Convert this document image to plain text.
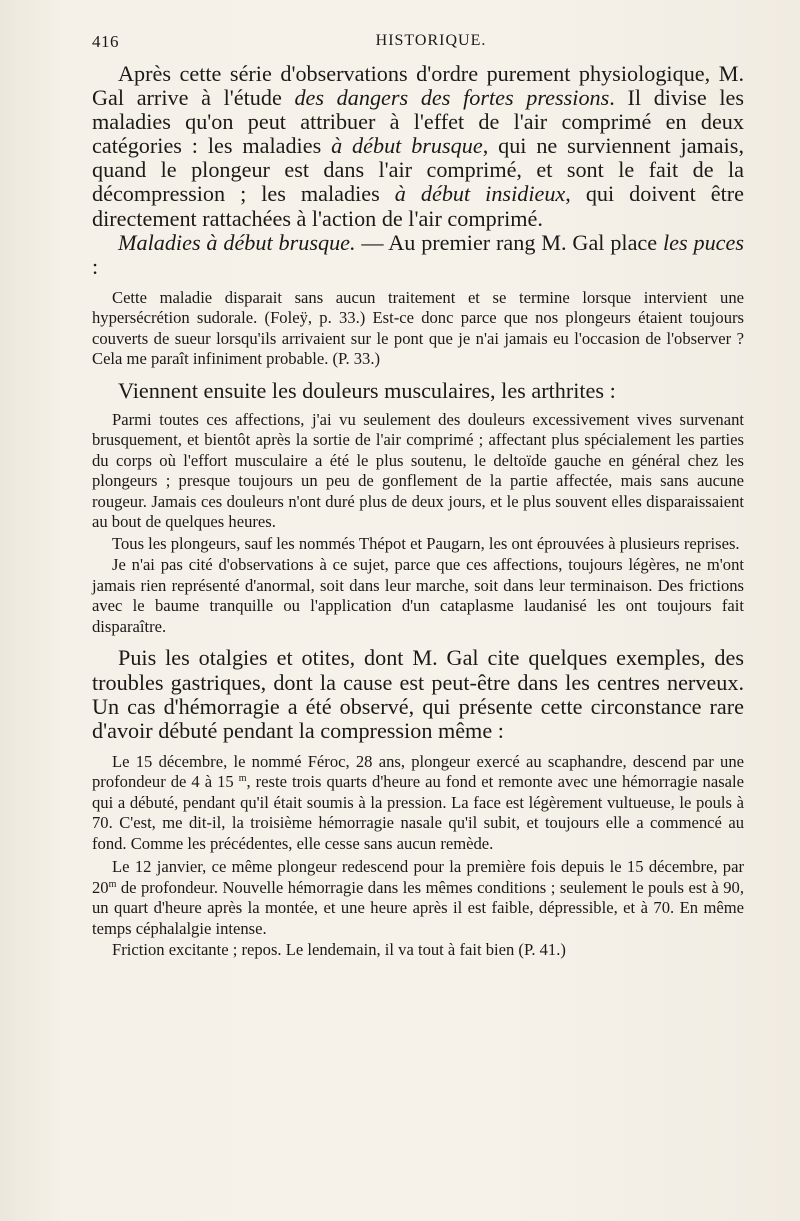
416	HISTORIQUE.

Après cette série d'observations d'ordre purement physiologique, M. Gal arrive à l'étude des dangers des fortes pressions. Il divise les maladies qu'on peut attribuer à l'effet de l'air comprimé en deux catégories : les maladies à début brusque, qui ne surviennent jamais, quand le plongeur est dans l'air comprimé, et sont le fait de la décompression ; les maladies à début insidieux, qui doivent être directement rattachées à l'action de l'air comprimé.

Maladies à début brusque. — Au premier rang M. Gal place les puces :

Cette maladie disparait sans aucun traitement et se termine lorsque intervient une hypersécrétion sudorale. (Foleÿ, p. 33.) Est-ce donc parce que nos plongeurs étaient toujours couverts de sueur lorsqu'ils arrivaient sur le pont que je n'ai jamais eu l'occasion de l'observer ? Cela me paraît infiniment probable. (P. 33.)

Viennent ensuite les douleurs musculaires, les arthrites :

Parmi toutes ces affections, j'ai vu seulement des douleurs excessivement vives survenant brusquement, et bientôt après la sortie de l'air comprimé ; affectant plus spécialement les parties du corps où l'effort musculaire a été le plus soutenu, le deltoïde gauche en général chez les plongeurs ; presque toujours un peu de gonflement de la partie affectée, mais sans aucune rougeur. Jamais ces douleurs n'ont duré plus de deux jours, et le plus souvent elles disparaissaient au bout de quelques heures.

Tous les plongeurs, sauf les nommés Thépot et Paugarn, les ont éprouvées à plusieurs reprises.

Je n'ai pas cité d'observations à ce sujet, parce que ces affections, toujours légères, ne m'ont jamais rien représenté d'anormal, soit dans leur marche, soit dans leur terminaison. Des frictions avec le baume tranquille ou l'application d'un cataplasme laudanisé les ont toujours fait disparaître.

Puis les otalgies et otites, dont M. Gal cite quelques exemples, des troubles gastriques, dont la cause est peut-être dans les centres nerveux. Un cas d'hémorragie a été observé, qui présente cette circonstance rare d'avoir débuté pendant la compression même :

Le 15 décembre, le nommé Féroc, 28 ans, plongeur exercé au scaphandre, descend par une profondeur de 4 à 15 $^m$, reste trois quarts d'heure au fond et remonte avec une hémorragie nasale qui a débuté, pendant qu'il était soumis à la pression. La face est légèrement vultueuse, le pouls à 70. C'est, me dit-il, la troisième hémorragie nasale qu'il subit, et toujours elle a commencé au fond. Comme les précédentes, elle cesse sans aucun remède.

Le 12 janvier, ce même plongeur redescend pour la première fois depuis le 15 décembre, par 20$^m$ de profondeur. Nouvelle hémorragie dans les mêmes conditions ; seulement le pouls est à 90, un quart d'heure après la montée, et une heure après il est faible, dépressible, et à 70. En même temps céphalalgie intense.

Friction excitante ; repos. Le lendemain, il va tout à fait bien (P. 41.)
